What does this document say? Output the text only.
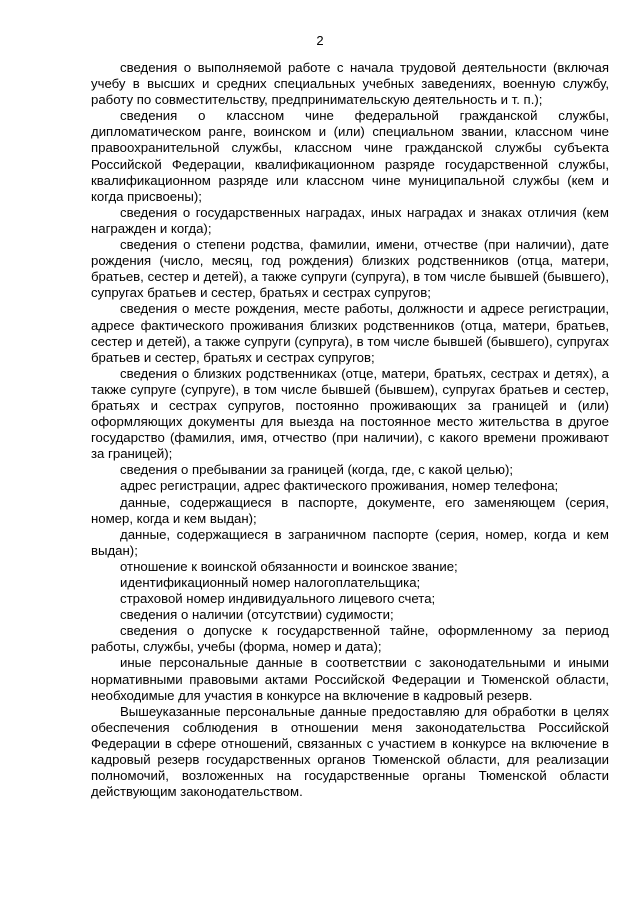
2

сведения о выполняемой работе с начала трудовой деятельности (включая учебу в высших и средних специальных учебных заведениях, военную службу, работу по совместительству, предпринимательскую деятельность и т. п.);

сведения о классном чине федеральной гражданской службы, дипломатическом ранге, воинском и (или) специальном звании, классном чине правоохранительной службы, классном чине гражданской службы субъекта Российской Федерации, квалификационном разряде государственной службы, квалификационном разряде или классном чине муниципальной службы (кем и когда присвоены);

сведения о государственных наградах, иных наградах и знаках отличия (кем награжден и когда);

сведения о степени родства, фамилии, имени, отчестве (при наличии), дате рождения (число, месяц, год рождения) близких родственников (отца, матери, братьев, сестер и детей), а также супруги (супруга), в том числе бывшей (бывшего), супругах братьев и сестер, братьях и сестрах супругов;

сведения о месте рождения, месте работы, должности и адресе регистрации, адресе фактического проживания близких родственников (отца, матери, братьев, сестер и детей), а также супруги (супруга), в том числе бывшей (бывшего), супругах братьев и сестер, братьях и сестрах супругов;

сведения о близких родственниках (отце, матери, братьях, сестрах и детях), а также супруге (супруге), в том числе бывшей (бывшем), супругах братьев и сестер, братьях и сестрах супругов, постоянно проживающих за границей и (или) оформляющих документы для выезда на постоянное место жительства в другое государство (фамилия, имя, отчество (при наличии), с какого времени проживают за границей);

сведения о пребывании за границей (когда, где, с какой целью);

адрес регистрации, адрес фактического проживания, номер телефона;

данные, содержащиеся в паспорте, документе, его заменяющем (серия, номер, когда и кем выдан);

данные, содержащиеся в заграничном паспорте (серия, номер, когда и кем выдан);

отношение к воинской обязанности и воинское звание;

идентификационный номер налогоплательщика;

страховой номер индивидуального лицевого счета;

сведения о наличии (отсутствии) судимости;

сведения о допуске к государственной тайне, оформленному за период работы, службы, учебы (форма, номер и дата);

иные персональные данные в соответствии с законодательными и иными нормативными правовыми актами Российской Федерации и Тюменской области, необходимые для участия в конкурсе на включение в кадровый резерв.

Вышеуказанные персональные данные предоставляю для обработки в целях обеспечения соблюдения в отношении меня законодательства Российской Федерации в сфере отношений, связанных с участием в конкурсе на включение в кадровый резерв государственных органов Тюменской области, для реализации полномочий, возложенных на государственные органы Тюменской области действующим законодательством.
